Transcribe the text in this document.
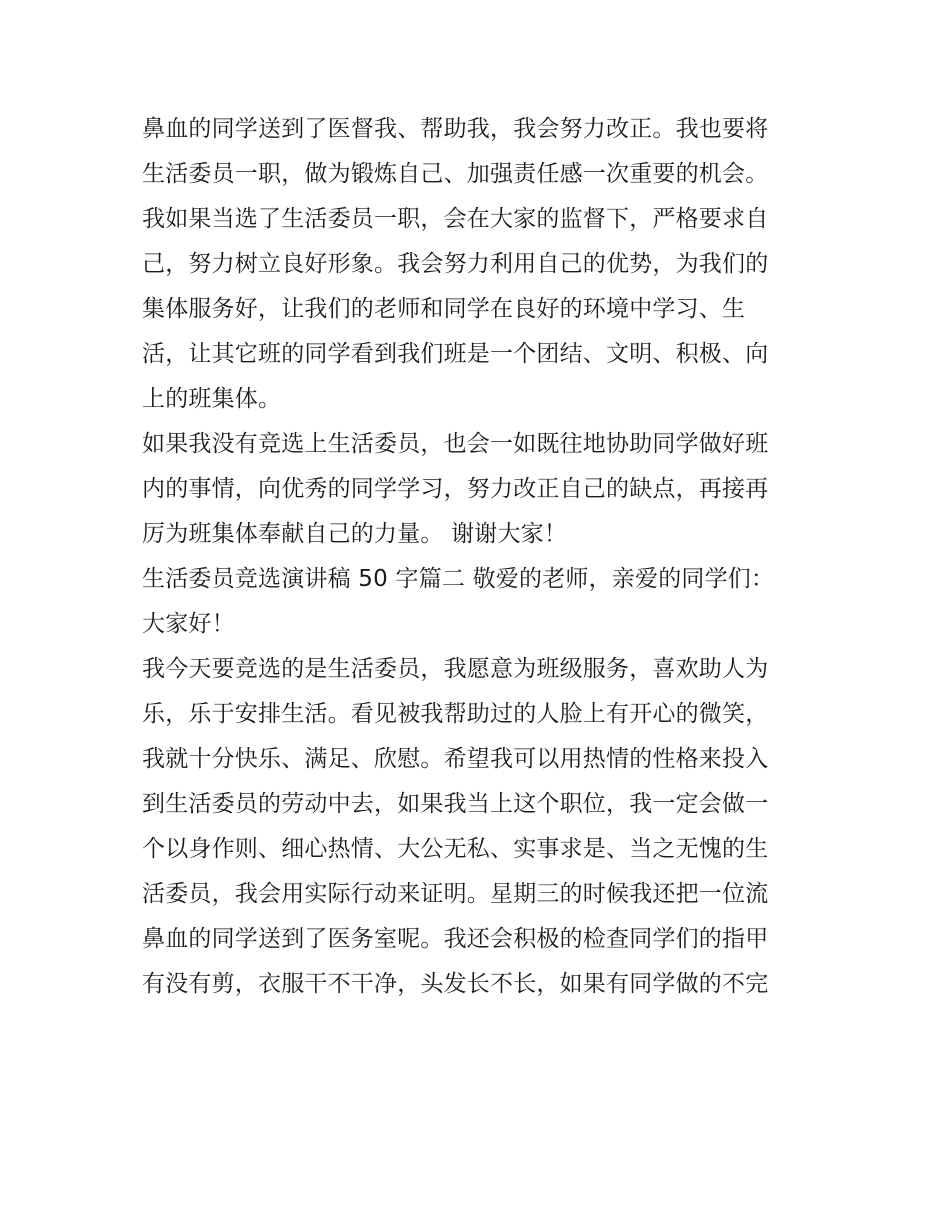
鼻血的同学送到了医督我、帮助我，我会努力改正。我也要将
生活委员一职，做为锻炼自己、加强责任感一次重要的机会。
我如果当选了生活委员一职，会在大家的监督下，严格要求自
己，努力树立良好形象。我会努力利用自己的优势，为我们的
集体服务好，让我们的老师和同学在良好的环境中学习、生
活，让其它班的同学看到我们班是一个团结、文明、积极、向
上的班集体。
如果我没有竞选上生活委员，也会一如既往地协助同学做好班
内的事情，向优秀的同学学习，努力改正自己的缺点，再接再
厉为班集体奉献自己的力量。 谢谢大家！
生活委员竞选演讲稿 50 字篇二 敬爱的老师，亲爱的同学们：
大家好！
我今天要竞选的是生活委员，我愿意为班级服务，喜欢助人为
乐，乐于安排生活。看见被我帮助过的人脸上有开心的微笑，
我就十分快乐、满足、欣慰。希望我可以用热情的性格来投入
到生活委员的劳动中去，如果我当上这个职位，我一定会做一
个以身作则、细心热情、大公无私、实事求是、当之无愧的生
活委员，我会用实际行动来证明。星期三的时候我还把一位流
鼻血的同学送到了医务室呢。我还会积极的检查同学们的指甲
有没有剪，衣服干不干净，头发长不长，如果有同学做的不完
